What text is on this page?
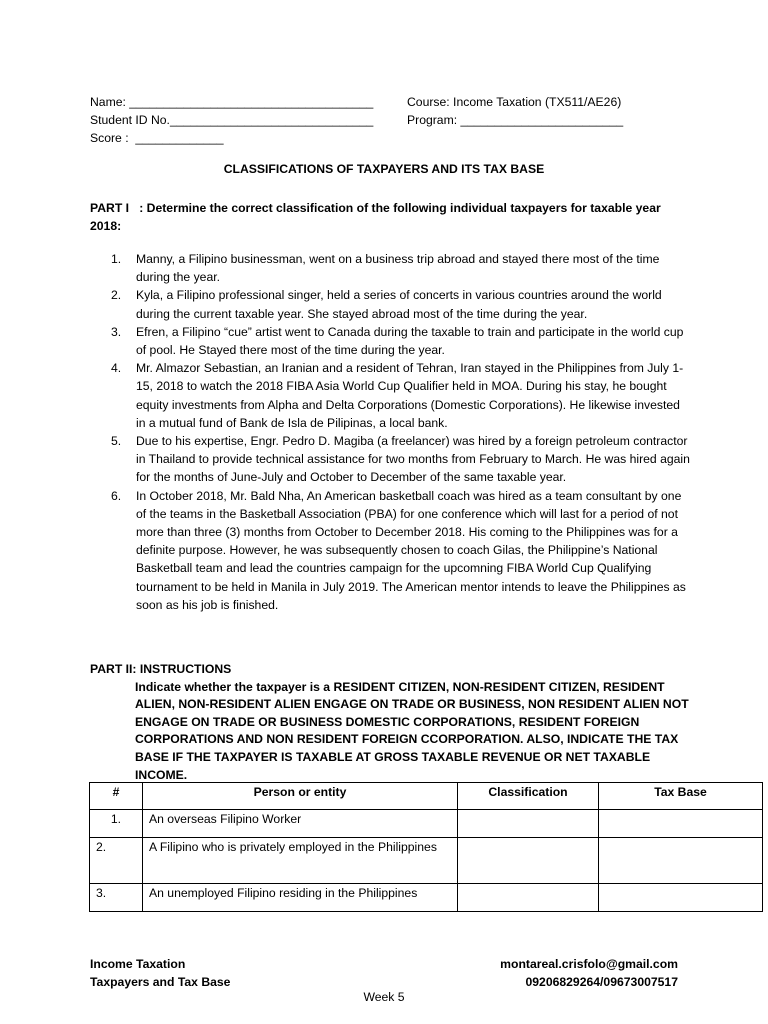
Name: ____________________________________
Student ID No.______________________________
Score :  _____________
Course: Income Taxation (TX511/AE26)
Program: ________________________
CLASSIFICATIONS OF TAXPAYERS AND ITS TAX BASE
PART I : Determine the correct classification of the following individual taxpayers for taxable year 2018:
1. Manny, a Filipino businessman, went on a business trip abroad and stayed there most of the time during the year.
2. Kyla, a Filipino professional singer, held a series of concerts in various countries around the world during the current taxable year. She stayed abroad most of the time during the year.
3. Efren, a Filipino “cue” artist went to Canada during the taxable to train and participate in the world cup of pool. He Stayed there most of the time during the year.
4. Mr. Almazor Sebastian, an Iranian and a resident of Tehran, Iran stayed in the Philippines from July 1-15, 2018 to watch the 2018 FIBA Asia World Cup Qualifier held in MOA. During his stay, he bought equity investments from Alpha and Delta Corporations (Domestic Corporations). He likewise invested in a mutual fund of Bank de Isla de Pilipinas, a local bank.
5. Due to his expertise, Engr. Pedro D. Magiba (a freelancer) was hired by a foreign petroleum contractor in Thailand to provide technical assistance for two months from February to March. He was hired again for the months of June-July and October to December of the same taxable year.
6. In October 2018, Mr. Bald Nha, An American basketball coach was hired as a team consultant by one of the teams in the Basketball Association (PBA) for one conference which will last for a period of not more than three (3) months from October to December 2018. His coming to the Philippines was for a definite purpose. However, he was subsequently chosen to coach Gilas, the Philippine’s National Basketball team and lead the countries campaign for the upcomning FIBA World Cup Qualifying tournament to be held in Manila in July 2019. The American mentor intends to leave the Philippines as soon as his job is finished.
PART II: INSTRUCTIONS
Indicate whether the taxpayer is a RESIDENT CITIZEN, NON-RESIDENT CITIZEN, RESIDENT ALIEN, NON-RESIDENT ALIEN ENGAGE ON TRADE OR BUSINESS, NON RESIDENT ALIEN NOT ENGAGE ON TRADE OR BUSINESS DOMESTIC CORPORATIONS, RESIDENT FOREIGN CORPORATIONS AND NON RESIDENT FOREIGN CCORPORATION. ALSO, INDICATE THE TAX BASE IF THE TAXPAYER IS TAXABLE AT GROSS TAXABLE REVENUE OR NET TAXABLE INCOME.
#	Person or entity	Classification	Tax Base
1.	An overseas Filipino Worker		
2.	A Filipino who is privately employed in the Philippines		
3.	An unemployed Filipino residing in the Philippines		
Income Taxation
Taxpayers and Tax Base
montareal.crisfolo@gmail.com
09206829264/09673007517
Week 5
